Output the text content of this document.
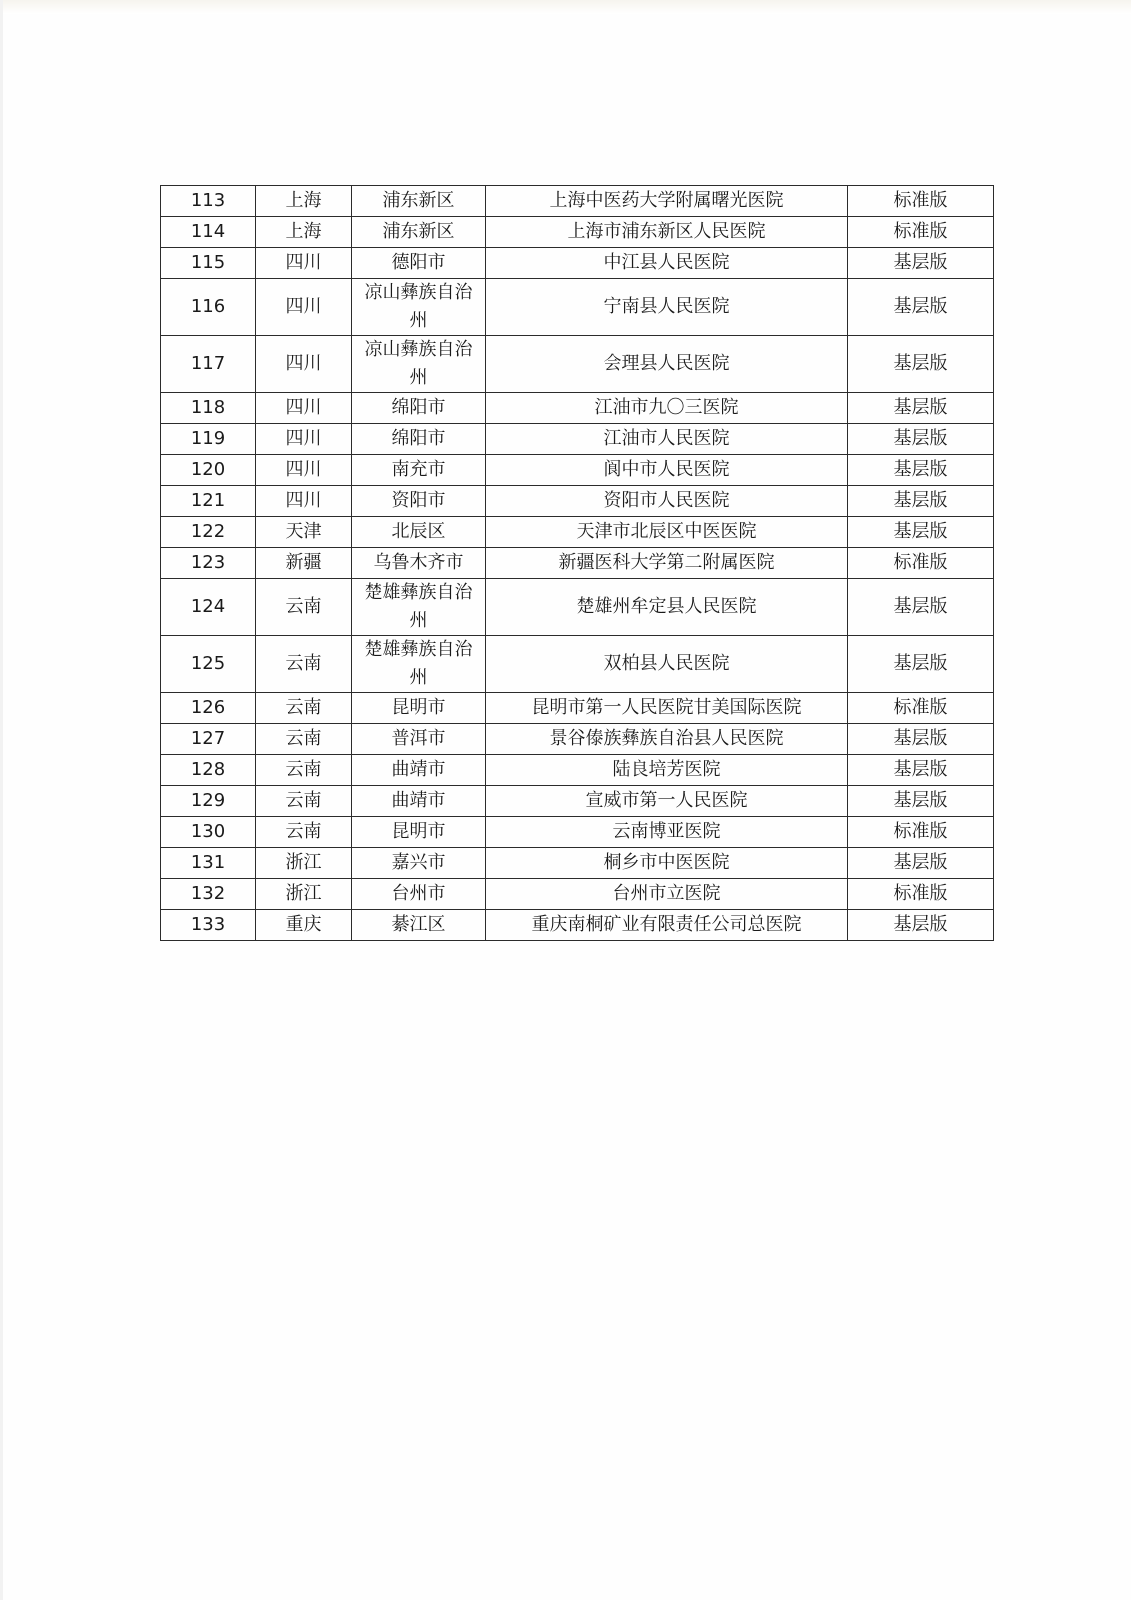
113	上海	浦东新区	上海中医药大学附属曙光医院	标准版
114	上海	浦东新区	上海市浦东新区人民医院	标准版
115	四川	德阳市	中江县人民医院	基层版
116	四川	凉山彝族自治州	宁南县人民医院	基层版
117	四川	凉山彝族自治州	会理县人民医院	基层版
118	四川	绵阳市	江油市九〇三医院	基层版
119	四川	绵阳市	江油市人民医院	基层版
120	四川	南充市	阆中市人民医院	基层版
121	四川	资阳市	资阳市人民医院	基层版
122	天津	北辰区	天津市北辰区中医医院	基层版
123	新疆	乌鲁木齐市	新疆医科大学第二附属医院	标准版
124	云南	楚雄彝族自治州	楚雄州牟定县人民医院	基层版
125	云南	楚雄彝族自治州	双柏县人民医院	基层版
126	云南	昆明市	昆明市第一人民医院甘美国际医院	标准版
127	云南	普洱市	景谷傣族彝族自治县人民医院	基层版
128	云南	曲靖市	陆良培芳医院	基层版
129	云南	曲靖市	宣威市第一人民医院	基层版
130	云南	昆明市	云南博亚医院	标准版
131	浙江	嘉兴市	桐乡市中医医院	基层版
132	浙江	台州市	台州市立医院	标准版
133	重庆	綦江区	重庆南桐矿业有限责任公司总医院	基层版
